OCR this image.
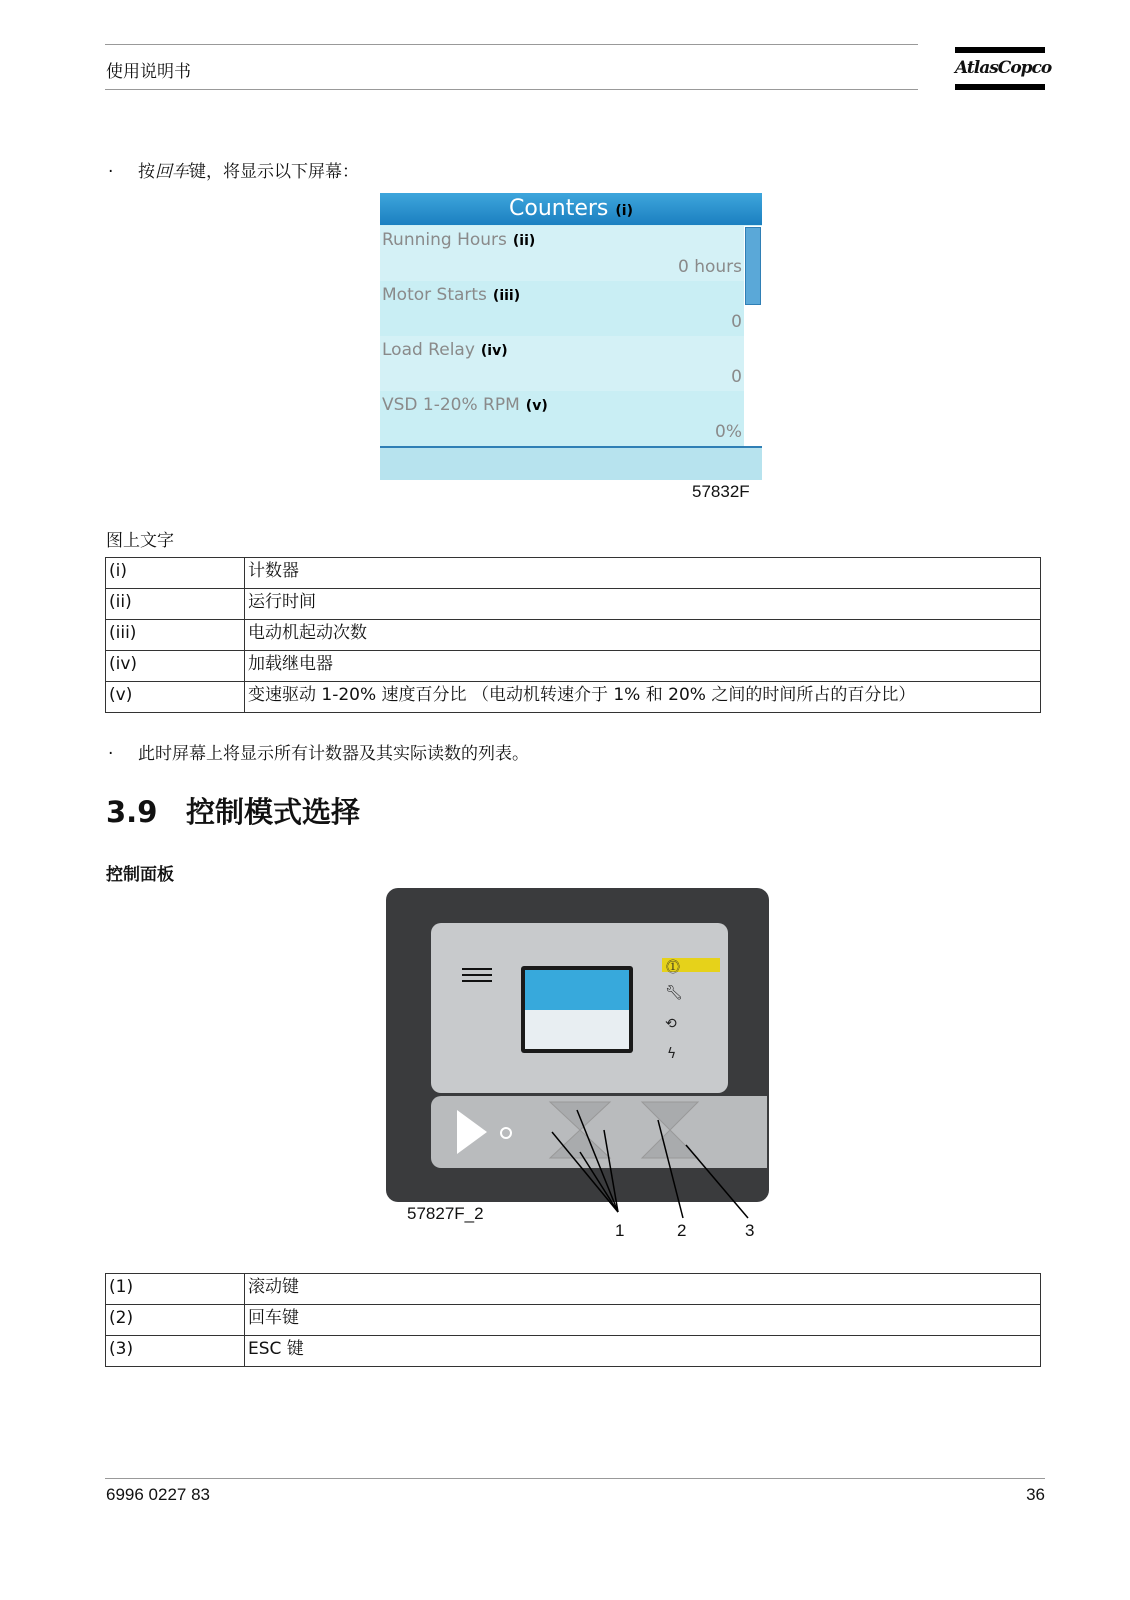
使用说明书	AtlasCopco
· 按回车键，将显示以下屏幕：
Counters (i)
Running Hours (ii)
0 hours
Motor Starts (iii)
0
Load Relay (iv)
0
VSD 1-20% RPM (v)
0%
57832F
图上文字
(i)	计数器
(ii)	运行时间
(iii)	电动机起动次数
(iv)	加载继电器
(v)	变速驱动 1-20% 速度百分比 （电动机转速介于 1% 和 20% 之间的时间所占的百分比）
· 此时屏幕上将显示所有计数器及其实际读数的列表。
3.9 控制模式选择
控制面板
⓵
🔧︎
⟲
ϟ
57827F_2
1	2	3
(1)	滚动键
(2)	回车键
(3)	ESC 键
6996 0227 83	36
